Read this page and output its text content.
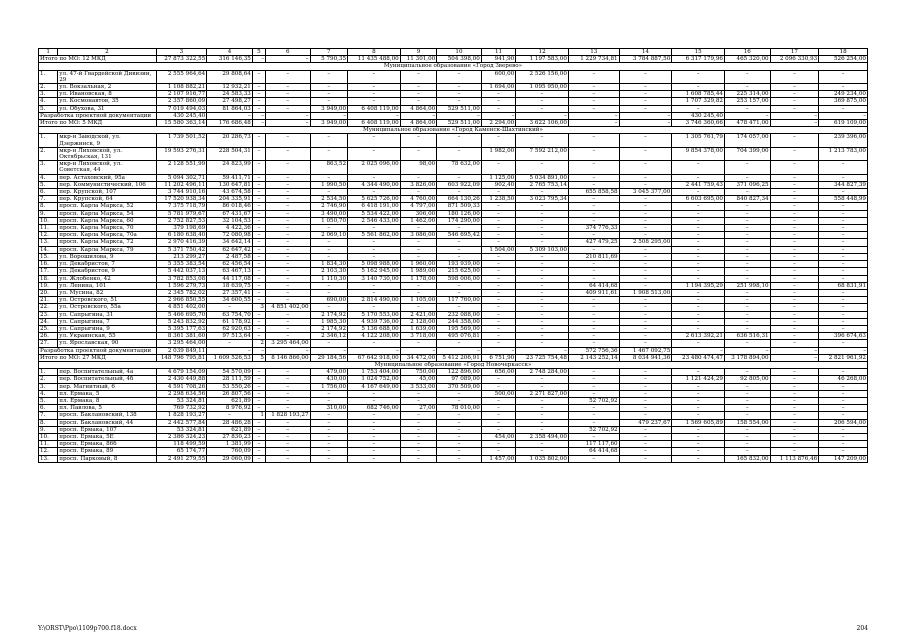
1	2	3	4	5	6	7	8	9	10	11	12	13	14	15	16	17	18
Итого по МО: 12 МКД		27 873 322,55	316 146,35	–	–	5 790,35	11 435 488,00	11 301,00	504 398,00	941,90	1 197 583,00	1 229 734,81	3 784 887,50	6 317 179,96	465 320,00	2 096 330,93	526 254,00
Муниципальное образование «Город Зверево»																	
1.	ул. 47-й Гвардейской Дивизии, 29	2 555 964,64	29 808,64	–	–	–	–	–	–	600,00	2 526 156,00	–	–	–	–	–	–
2.	ул. Вокзальная, 2	1 108 882,21	12 932,21	–	–	–	–	–	–	1 694,00	1 095 950,00	–	–	–	–	–	–
3.	ул. Ивановская, 8	2 107 916,77	24 583,33	–	–	–	–	–	–	–	–	–	–	1 608 785,44	225 314,00	–	249 234,00
4.	ул. Космонавтов, 35	2 357 860,09	27 498,27	–	–	–	–	–	–	–	–	–	–	1 707 329,82	253 157,00	–	369 875,00
5.	ул. Обухова, 31	7 019 494,03	81 864,03	–	–	3 949,00	6 408 119,00	4 864,00	529 511,00	–	–	–	–	–	–	–	–
Разработка проектной документации		430 245,40	–	–	–	–	–	–	–	–	–	–	–	430 245,40	–	–	–
Итого по МО: 5 МКД		15 580 363,14	176 686,48	–	–	3 949,00	6 408 119,00	4 864,00	529 511,00	2 294,00	3 622 106,00	–	–	3 746 360,66	478 471,00	–	619 109,00
Муниципальное образование «Город Каменск-Шахтинский»																	
1.	мкр-н Заводской, ул. Дзержинск, 9	1 739 501,52	20 286,73	–	–	–	–	–	–	–	–	–	–	1 305 761,79	174 057,00	–	239 396,00
2.	мкр-н Лиховской, ул. Октябрьская, 131	19 593 276,31	228 504,31	–	–	–	–	–	–	1 982,00	7 592 212,00	–	–	9 854 378,00	704 399,00	–	1 213 783,00
3.	мкр-н Лиховской, ул. Советская, 44	2 128 551,99	24 823,99	–	–	863,52	2 025 096,00	98,00	78 632,00	–	–	–	–	–	–	–	–
4.	пер. Астаховский, 95а	5 094 302,71	59 411,71	–	–	–	–	–	–	1 125,00	5 034 891,00	–	–	–	–	–	–
5.	пер. Коммунистический, 106	11 202 496,11	130 647,81	–	–	1 990,50	4 344 490,00	3 826,00	603 922,09	902,40	2 765 753,14	–	–	2 441 759,43	371 096,25	–	344 827,39
6.	пер. Крупской, 107	3 744 910,16	43 674,58	–	–	–	–	–	–	–	–	655 858,58	3 045 377,00	–	–	–	–
7.	пер. Крупской, 64	17 520 938,34	204 335,91	–	–	2 534,50	5 625 726,00	4 760,00	664 130,26	1 238,50	3 023 795,34	–	–	6 603 695,00	840 827,34	–	558 448,99
8.	просп. Карла Маркса, 52	7 375 718,79	86 018,46	–	–	2 746,90	6 418 191,00	4 797,00	871 509,33	–	–	–	–	–	–	–	–
9.	просп. Карла Маркса, 54	5 781 979,67	67 431,67	–	–	3 490,00	5 534 422,00	306,00	180 126,00	–	–	–	–	–	–	–	–
10.	просп. Карла Маркса, 60	2 752 827,53	32 104,53	–	–	1 050,70	2 546 433,00	1 462,00	174 290,00	–	–	–	–	–	–	–	–
11.	просп. Карла Маркса, 70	379 198,69	4 422,36	–	–	–	–	–	–	–	–	374 776,33	–	–	–	–	–
12.	просп. Карла Маркса, 70а	6 180 638,40	72 080,98	–	–	2 069,10	5 561 862,00	3 086,00	546 695,42	–	–	–	–	–	–	–	–
13.	просп. Карла Маркса, 72	2 970 416,39	34 642,14	–	–	–	–	–	–	–	–	427 479,25	2 508 295,00	–	–	–	–
14.	просп. Карла Маркса, 79	5 371 750,42	62 647,42	–	–	–	–	–	–	1 504,00	5 309 103,00	–	–	–	–	–	–
15.	ул. Ворошилова, 9	213 299,27	2 487,58	–	–	–	–	–	–	–	–	210 811,69	–	–	–	–	–
16.	ул. Декабристов, 7	5 355 383,54	62 456,54	–	–	1 834,30	5 098 988,00	1 960,00	193 939,00	–	–	–	–	–	–	–	–
17.	ул. Декабристов, 9	5 442 037,13	63 467,13	–	–	2 103,30	5 162 945,00	1 989,00	215 625,00	–	–	–	–	–	–	–	–
18.	ул. Жлобенко, 42	3 782 853,08	44 117,08	–	–	1 110,30	3 140 730,00	1 178,00	598 006,00	–	–	–	–	–	–	–	–
19.	ул. Ленина, 101	1 596 279,73	18 639,75	–	–	–	–	–	–	–	–	64 414,68	–	1 194 395,29	251 998,10	–	68 831,91
20.	ул. Мусина, 82	2 345 782,02	27 357,41	–	–	–	–	–	–	–	–	409 911,61	1 908 513,00	–	–	–	–
21.	ул. Островского, 51	2 966 850,55	34 600,55	–	–	690,00	2 814 490,00	1 105,00	117 760,00	–	–	–	–	–	–	–	–
22.	ул. Островского, 55а	4 851 402,00	–	3	4 851 402,00	–	–	–	–	–	–	–	–	–	–	–	–
23.	ул. Сапрыгина, 31	5 466 695,70	63 754,70	–	–	2 174,92	5 170 553,00	2 421,00	232 088,00	–	–	–	–	–	–	–	–
24.	ул. Сапрыгина, 7	5 243 832,92	61 178,92	–	–	1 985,30	4 939 736,00	2 128,00	244 358,00	–	–	–	–	–	–	–	–
25.	ул. Сапрыгина, 9	5 395 177,63	62 920,63	–	–	2 174,92	5 136 688,00	1 639,00	195 569,00	–	–	–	–	–	–	–	–
26.	ул. Украинская, 55	8 361 381,60	97 513,64	–	–	2 346,12	4 122 208,00	3 718,00	495 076,81	–	–	–	–	2 613 392,21	636 516,31	–	396 674,63
27.	ул. Ярославская, 90	3 295 464,00	–	2	3 295 464,00	–	–	–	–	–	–	–	–	–	–	–	–
Разработка проектной документации		2 039 849,11	–	–	–	–	–	–	–	–	–	572 756,36	1 467 092,75	–	–	–	–
Итого по МО: 27 МКД		148 796 795,81	1 609 526,53	5	8 146 866,00	29 184,56	67 642 918,00	34 472,00	5 412 206,91	6 751,90	23 725 754,48	2 143 252,14	8 034 941,36	23 480 474,47	3 178 894,00	–	2 821 961,92
Муниципальное образование «Город Новочеркасск»																	
1.	пер. Воспитательный, 4а	4 679 154,09	54 570,09	–	–	479,00	1 753 404,00	750,00	122 896,00	656,00	2 748 284,00	–	–	–	–	–	–
2.	пер. Воспитательный, 4б	2 430 449,88	28 111,59	–	–	430,00	1 024 752,00	45,00	97 089,00	–	–	–	–	1 121 424,29	92 805,00	–	46 268,00
3.	пер. Магнитный, 6	4 591 708,26	53 550,26	–	–	1 756,00	4 167 649,00	3 533,00	370 509,00	–	–	–	–	–	–	–	–
4.	пл. Ермака, 5	2 298 634,56	26 807,56	–	–	–	–	–	–	500,00	2 271 827,00	–	–	–	–	–	–
5.	пл. Ермака, 8	53 324,81	621,89	–	–	–	–	–	–	–	–	52 702,92	–	–	–	–	–
6.	пл. Павлова, 5	769 732,92	8 976,92	–	–	310,00	682 746,00	27,00	78 010,00	–	–	–	–	–	–	–	–
7.	просп. Баклановский, 138	1 828 193,27	–	1	1 828 193,27	–	–	–	–	–	–	–	–	–	–	–	–
8.	просп. Баклановский, 44	2 442 577,84	28 486,28	–	–	–	–	–	–	–	–	–	479 237,67	1 569 605,89	158 554,00	–	206 594,00
9.	просп. Ермака, 107	53 324,81	621,89	–	–	–	–	–	–	–	–	52 702,92	–	–	–	–	–
10.	просп. Ермака, 5Е	2 386 324,23	27 830,23	–	–	–	–	–	–	454,00	2 358 494,00	–	–	–	–	–	–
11.	просп. Ермака, 86б	118 499,59	1 381,99	–	–	–	–	–	–	–	–	117 117,60	–	–	–	–	–
12.	просп. Ермака, 89	65 174,77	760,09	–	–	–	–	–	–	–	–	64 414,68	–	–	–	–	–
13.	просп. Парковый, 8	2 491 279,55	29 060,09	–	–	–	–	–	–	1 457,00	1 035 802,00	–	–	–	165 832,00	1 113 876,46	147 209,00
Y:\ORST\Ppo\1109p700.f18.docx	204
